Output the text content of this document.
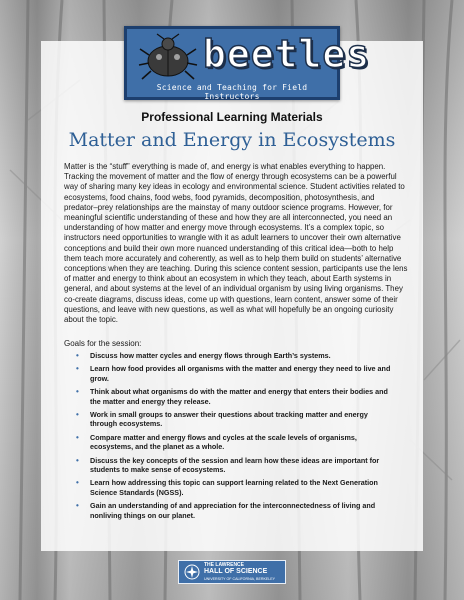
beetles
Science and Teaching for Field Instructors
Professional Learning Materials
Matter and Energy in Ecosystems

Matter is the “stuff” everything is made of, and energy is what enables everything to happen. Tracking the movement of matter and the flow of energy through ecosystems can be a powerful way of sharing many key ideas in ecology and environmental science. Student activities related to ecosystems, food chains, food webs, food pyramids, decomposition, photosynthesis, and predator–prey relationships are the mainstay of many outdoor science programs. However, for meaningful scientific understanding of these and how they are all interconnected, you need an understanding of how matter and energy move through ecosystems. It’s a complex topic, so instructors need opportunities to wrangle with it as adult learners to uncover their own alternative conceptions and build their own more nuanced understanding of this critical idea—both to help them teach more accurately and coherently, as well as to help them build on students’ alternative conceptions when they are teaching. During this science content session, participants use the lens of matter and energy to think about an ecosystem in which they teach, about Earth systems in general, and about systems at the level of an individual organism by using living organisms. They co-create diagrams, discuss ideas, come up with questions, learn content, answer some of their questions, and leave with new questions, as well as what will hopefully be an ongoing curiosity about the topic.

Goals for the session:
• Discuss how matter cycles and energy flows through Earth’s systems.
• Learn how food provides all organisms with the matter and energy they need to live and grow.
• Think about what organisms do with the matter and energy that enters their bodies and the matter and energy they release.
• Work in small groups to answer their questions about tracking matter and energy through ecosystems.
• Compare matter and energy flows and cycles at the scale levels of organisms, ecosystems, and the planet as a whole.
• Discuss the key concepts of the session and learn how these ideas are important for students to make sense of ecosystems.
• Learn how addressing this topic can support learning related to the Next Generation Science Standards (NGSS).
• Gain an understanding of and appreciation for the interconnectedness of living and nonliving things on our planet.
THE LAWRENCE
HALL OF SCIENCE
UNIVERSITY OF CALIFORNIA, BERKELEY
